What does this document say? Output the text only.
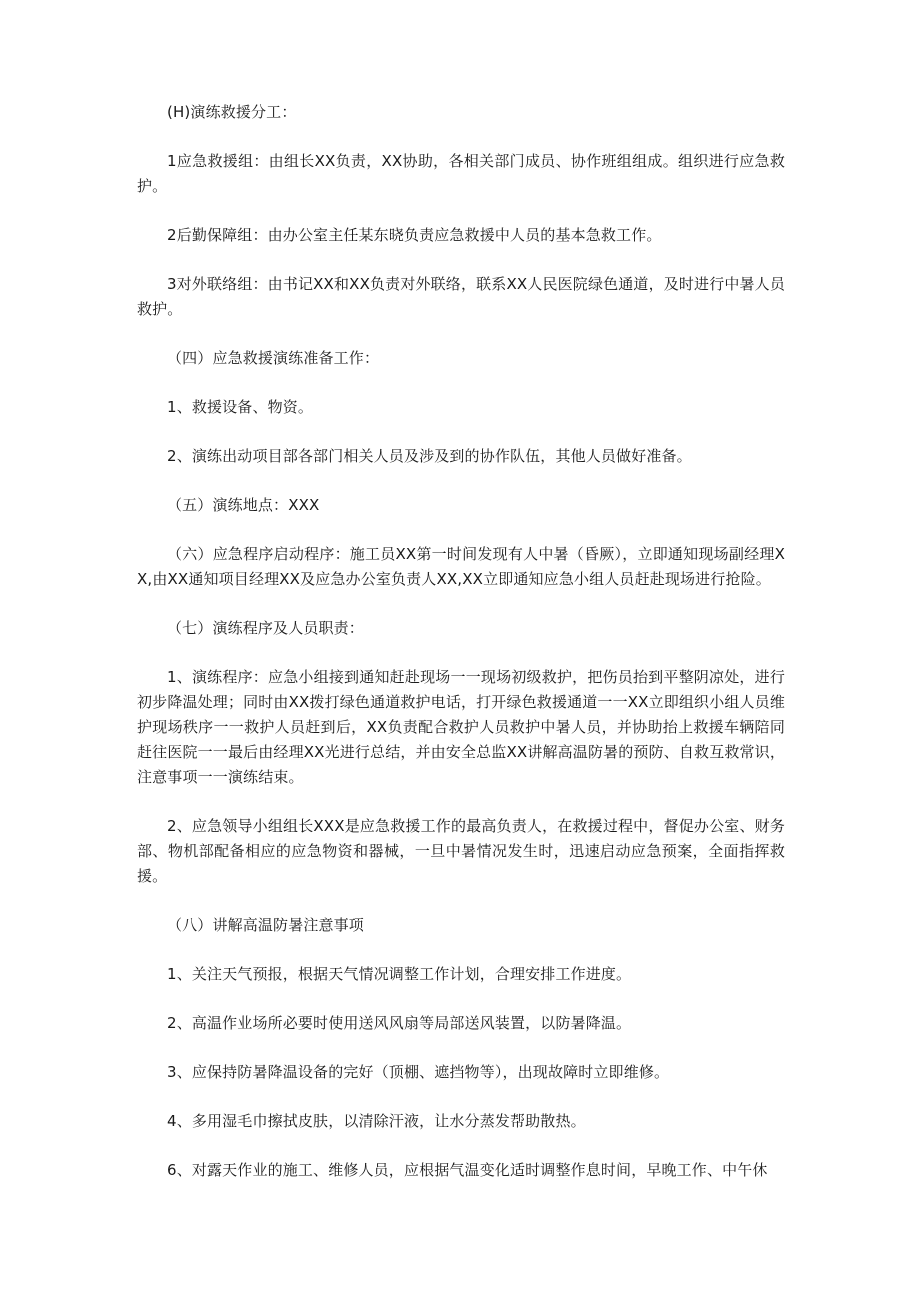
(H)演练救援分工：

1应急救援组：由组长XX负责，XX协助，各相关部门成员、协作班组组成。组织进行应急救护。

2后勤保障组：由办公室主任某东晓负责应急救援中人员的基本急救工作。

3对外联络组：由书记XX和XX负责对外联络，联系XX人民医院绿色通道，及时进行中暑人员救护。

（四）应急救援演练准备工作：

1、救援设备、物资。

2、演练出动项目部各部门相关人员及涉及到的协作队伍，其他人员做好准备。

（五）演练地点：XXX

（六）应急程序启动程序：施工员XX第一时间发现有人中暑（昏厥），立即通知现场副经理XX,由XX通知项目经理XX及应急办公室负责人XX,XX立即通知应急小组人员赶赴现场进行抢险。

（七）演练程序及人员职责：

1、演练程序：应急小组接到通知赶赴现场一一现场初级救护，把伤员抬到平整阴凉处，进行初步降温处理；同时由XX拨打绿色通道救护电话，打开绿色救援通道一一XX立即组织小组人员维护现场秩序一一救护人员赶到后，XX负责配合救护人员救护中暑人员，并协助抬上救援车辆陪同赶往医院一一最后由经理XX光进行总结，并由安全总监XX讲解高温防暑的预防、自救互救常识，注意事项一一演练结束。

2、应急领导小组组长XXX是应急救援工作的最高负责人，在救援过程中，督促办公室、财务部、物机部配备相应的应急物资和器械，一旦中暑情况发生时，迅速启动应急预案，全面指挥救援。

（八）讲解高温防暑注意事项

1、关注天气预报，根据天气情况调整工作计划，合理安排工作进度。

2、高温作业场所必要时使用送风风扇等局部送风装置，以防暑降温。

3、应保持防暑降温设备的完好（顶棚、遮挡物等），出现故障时立即维修。

4、多用湿毛巾擦拭皮肤，以清除汗液，让水分蒸发帮助散热。

6、对露天作业的施工、维修人员，应根据气温变化适时调整作息时间，早晚工作、中午休
